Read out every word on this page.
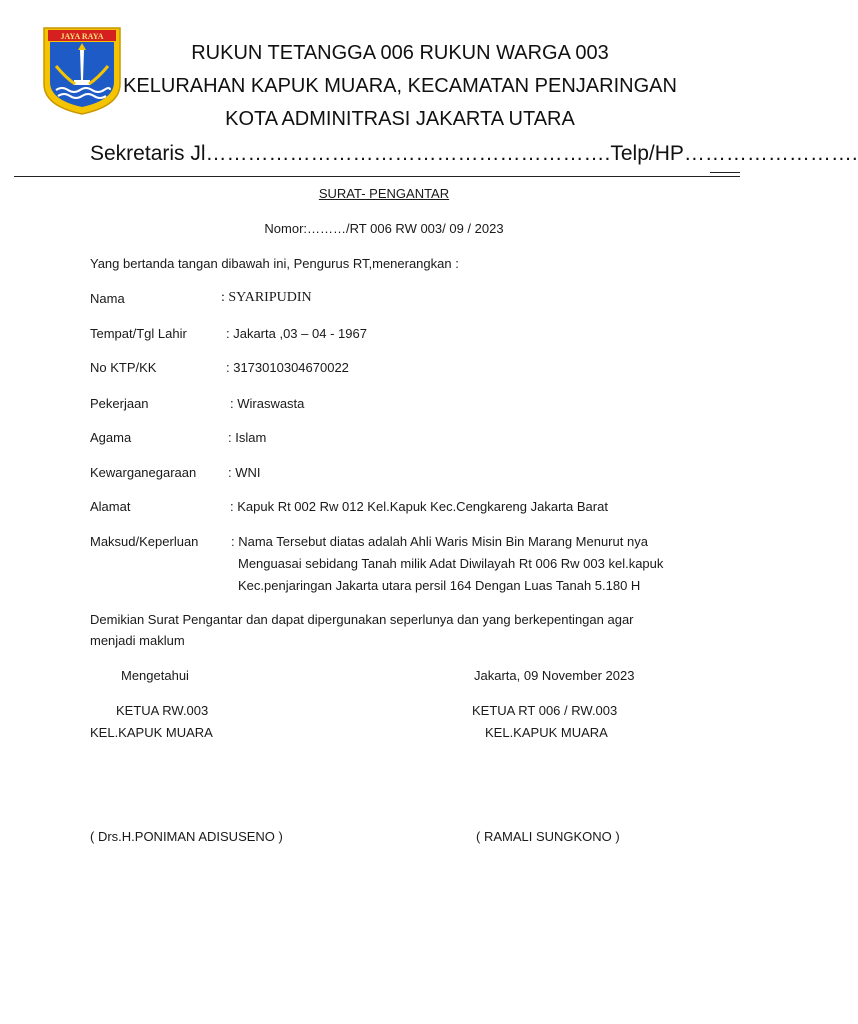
JAYA RAYA
RUKUN TETANGGA 006 RUKUN WARGA 003
KELURAHAN KAPUK MUARA, KECAMATAN PENJARINGAN
KOTA ADMINITRASI JAKARTA UTARA
Sekretaris Jl………………………………………………….Telp/HP…………………….
SURAT- PENGANTAR
Nomor:………/RT 006 RW 003/ 09 / 2023
Yang bertanda tangan dibawah ini, Pengurus RT,menerangkan :
Nama	: SYARIPUDIN
Tempat/Tgl Lahir	: Jakarta ,03 – 04 - 1967
No KTP/KK	: 3173010304670022
Pekerjaan	: Wiraswasta
Agama	: Islam
Kewarganegaraan : WNI
Alamat	: Kapuk Rt 002 Rw 012 Kel.Kapuk Kec.Cengkareng Jakarta Barat
Maksud/Keperluan	: Nama Tersebut diatas adalah Ahli Waris Misin Bin Marang Menurut nya
Menguasai sebidang Tanah milik Adat Diwilayah Rt 006 Rw 003 kel.kapuk
Kec.penjaringan Jakarta utara persil 164 Dengan Luas Tanah 5.180 H
Demikian Surat Pengantar dan dapat dipergunakan seperlunya dan yang berkepentingan agar
menjadi maklum
Mengetahui	Jakarta, 09 November 2023
KETUA RW.003	KETUA RT 006 / RW.003
KEL.KAPUK MUARA	KEL.KAPUK MUARA
( Drs.H.PONIMAN ADISUSENO )	( RAMALI SUNGKONO )
